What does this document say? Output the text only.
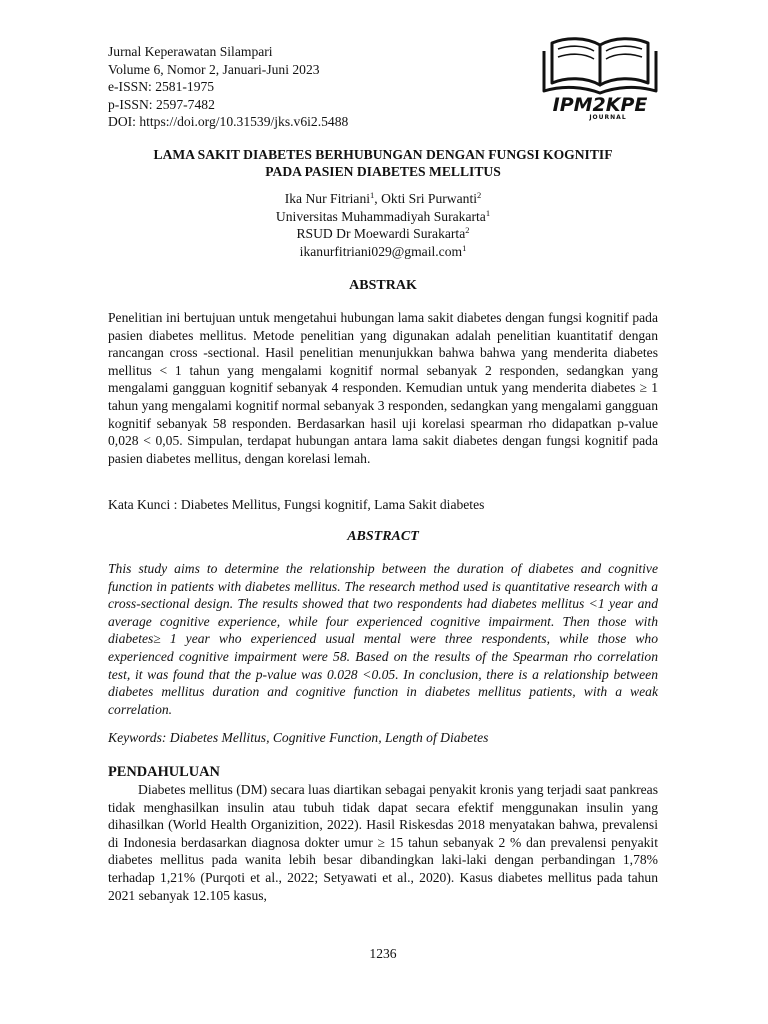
Jurnal Keperawatan Silampari
Volume 6, Nomor 2, Januari-Juni 2023
e-ISSN: 2581-1975
p-ISSN: 2597-7482
DOI: https://doi.org/10.31539/jks.v6i2.5488
IPM2KPE
JOURNAL
LAMA SAKIT DIABETES BERHUBUNGAN DENGAN FUNGSI KOGNITIF
PADA PASIEN DIABETES MELLITUS
Ika Nur Fitriani$^1$, Okti Sri Purwanti$^2$
Universitas Muhammadiyah Surakarta$^1$
RSUD Dr Moewardi Surakarta$^2$
ikanurfitriani029@gmail.com$^1$
ABSTRAK
Penelitian ini bertujuan untuk mengetahui hubungan lama sakit diabetes dengan fungsi kognitif pada pasien diabetes mellitus. Metode penelitian yang digunakan adalah penelitian kuantitatif dengan rancangan cross -sectional. Hasil penelitian menunjukkan bahwa bahwa yang menderita diabetes mellitus < 1 tahun yang mengalami kognitif normal sebanyak 2 responden, sedangkan yang mengalami gangguan kognitif sebanyak 4 responden. Kemudian untuk yang menderita diabetes ≥ 1 tahun yang mengalami kognitif normal sebanyak 3 responden, sedangkan yang mengalami gangguan kognitif sebanyak 58 responden. Berdasarkan hasil uji korelasi spearman rho didapatkan p-value 0,028 < 0,05. Simpulan, terdapat hubungan antara lama sakit diabetes dengan fungsi kognitif pada pasien diabetes mellitus, dengan korelasi lemah.
Kata Kunci : Diabetes Mellitus, Fungsi kognitif, Lama Sakit diabetes
ABSTRACT
This study aims to determine the relationship between the duration of diabetes and cognitive function in patients with diabetes mellitus. The research method used is quantitative research with a cross-sectional design. The results showed that two respondents had diabetes mellitus <1 year and average cognitive experience, while four experienced cognitive impairment. Then those with diabetes≥ 1 year who experienced usual mental were three respondents, while those who experienced cognitive impairment were 58. Based on the results of the Spearman rho correlation test, it was found that the p-value was 0.028 <0.05. In conclusion, there is a relationship between diabetes mellitus duration and cognitive function in diabetes mellitus patients, with a weak correlation.
Keywords: Diabetes Mellitus, Cognitive Function, Length of Diabetes
PENDAHULUAN
Diabetes mellitus (DM) secara luas diartikan sebagai penyakit kronis yang terjadi saat pankreas tidak menghasilkan insulin atau tubuh tidak dapat secara efektif menggunakan insulin yang dihasilkan (World Health Organizition, 2022). Hasil Riskesdas 2018 menyatakan bahwa, prevalensi di Indonesia berdasarkan diagnosa dokter umur ≥ 15 tahun sebanyak 2 % dan prevalensi penyakit diabetes mellitus pada wanita lebih besar dibandingkan laki-laki dengan perbandingan 1,78% terhadap 1,21% (Purqoti et al., 2022; Setyawati et al., 2020). Kasus diabetes mellitus pada tahun 2021 sebanyak 12.105 kasus,
1236
